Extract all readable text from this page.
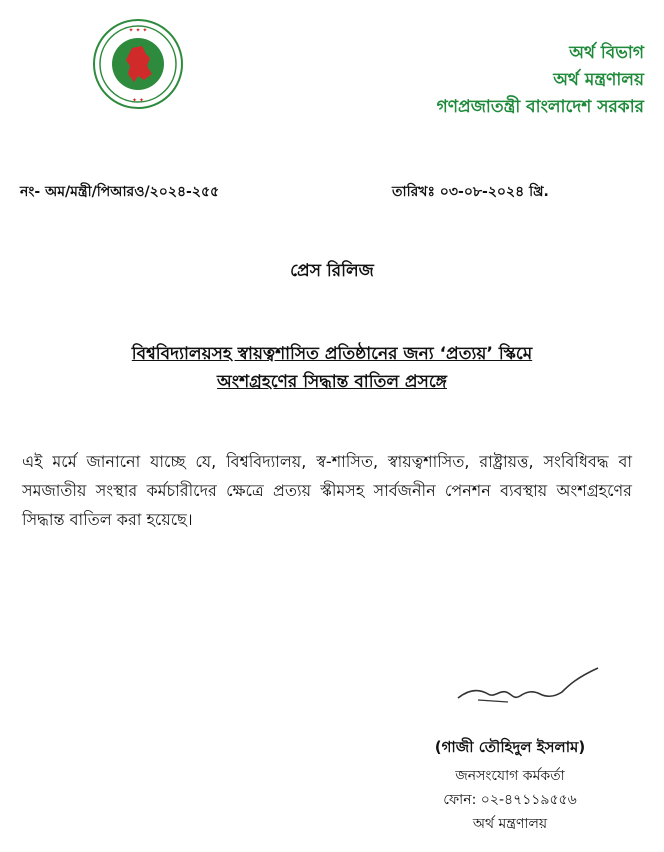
✦ ✦ ✦
✦ ✦
অর্থ বিভাগ
অর্থ মন্ত্রণালয়
গণপ্রজাতন্ত্রী বাংলাদেশ সরকার
নং- অম/মন্ত্রী/পিআরও/২০২৪-২৫৫	তারিখঃ ০৩-০৮-২০২৪ খ্রি.
প্রেস রিলিজ
বিশ্ববিদ্যালয়সহ স্বায়ত্বশাসিত প্রতিষ্ঠানের জন্য ‘প্রত্যয়’ স্কিমে
অংশগ্রহণের সিদ্ধান্ত বাতিল প্রসঙ্গে
এই মর্মে জানানো যাচ্ছে যে, বিশ্ববিদ্যালয়, স্ব-শাসিত, স্বায়ত্বশাসিত, রাষ্ট্রায়ত্ত, সংবিধিবদ্ধ বা সমজাতীয় সংস্থার কর্মচারীদের ক্ষেত্রে প্রত্যয় স্কীমসহ সার্বজনীন পেনশন ব্যবস্থায় অংশগ্রহণের সিদ্ধান্ত বাতিল করা হয়েছে।
(গাজী তৌহিদুল ইসলাম)
জনসংযোগ কর্মকর্তা
ফোন: ০২-৪৭১১৯৫৫৬
অর্থ মন্ত্রণালয়
